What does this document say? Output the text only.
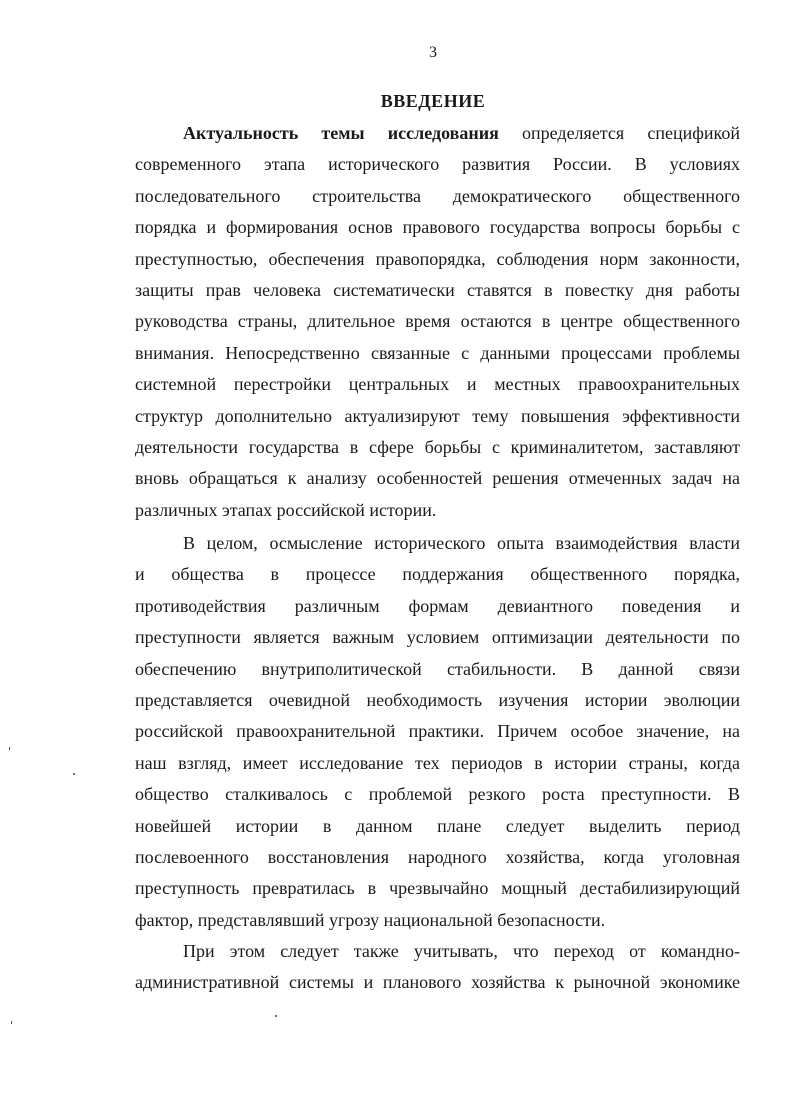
3
ВВЕДЕНИЕ
Актуальность темы исследования определяется спецификой
современного этапа исторического развития России. В условиях
последовательного строительства демократического общественного
порядка и формирования основ правового государства вопросы борьбы с
преступностью, обеспечения правопорядка, соблюдения норм законности,
защиты прав человека систематически ставятся в повестку дня работы
руководства страны, длительное время остаются в центре общественного
внимания. Непосредственно связанные с данными процессами проблемы
системной перестройки центральных и местных правоохранительных
структур дополнительно актуализируют тему повышения эффективности
деятельности государства в сфере борьбы с криминалитетом, заставляют
вновь обращаться к анализу особенностей решения отмеченных задач на
различных этапах российской истории.
В целом, осмысление исторического опыта взаимодействия власти
и общества в процессе поддержания общественного порядка,
противодействия различным формам девиантного поведения и
преступности является важным условием оптимизации деятельности по
обеспечению внутриполитической стабильности. В данной связи
представляется очевидной необходимость изучения истории эволюции
российской правоохранительной практики. Причем особое значение, на
наш взгляд, имеет исследование тех периодов в истории страны, когда
общество сталкивалось с проблемой резкого роста преступности. В
новейшей истории в данном плане следует выделить период
послевоенного восстановления народного хозяйства, когда уголовная
преступность превратилась в чрезвычайно мощный дестабилизирующий
фактор, представлявший угрозу национальной безопасности.
При этом следует также учитывать, что переход от командно-
административной системы и планового хозяйства к рыночной экономике
